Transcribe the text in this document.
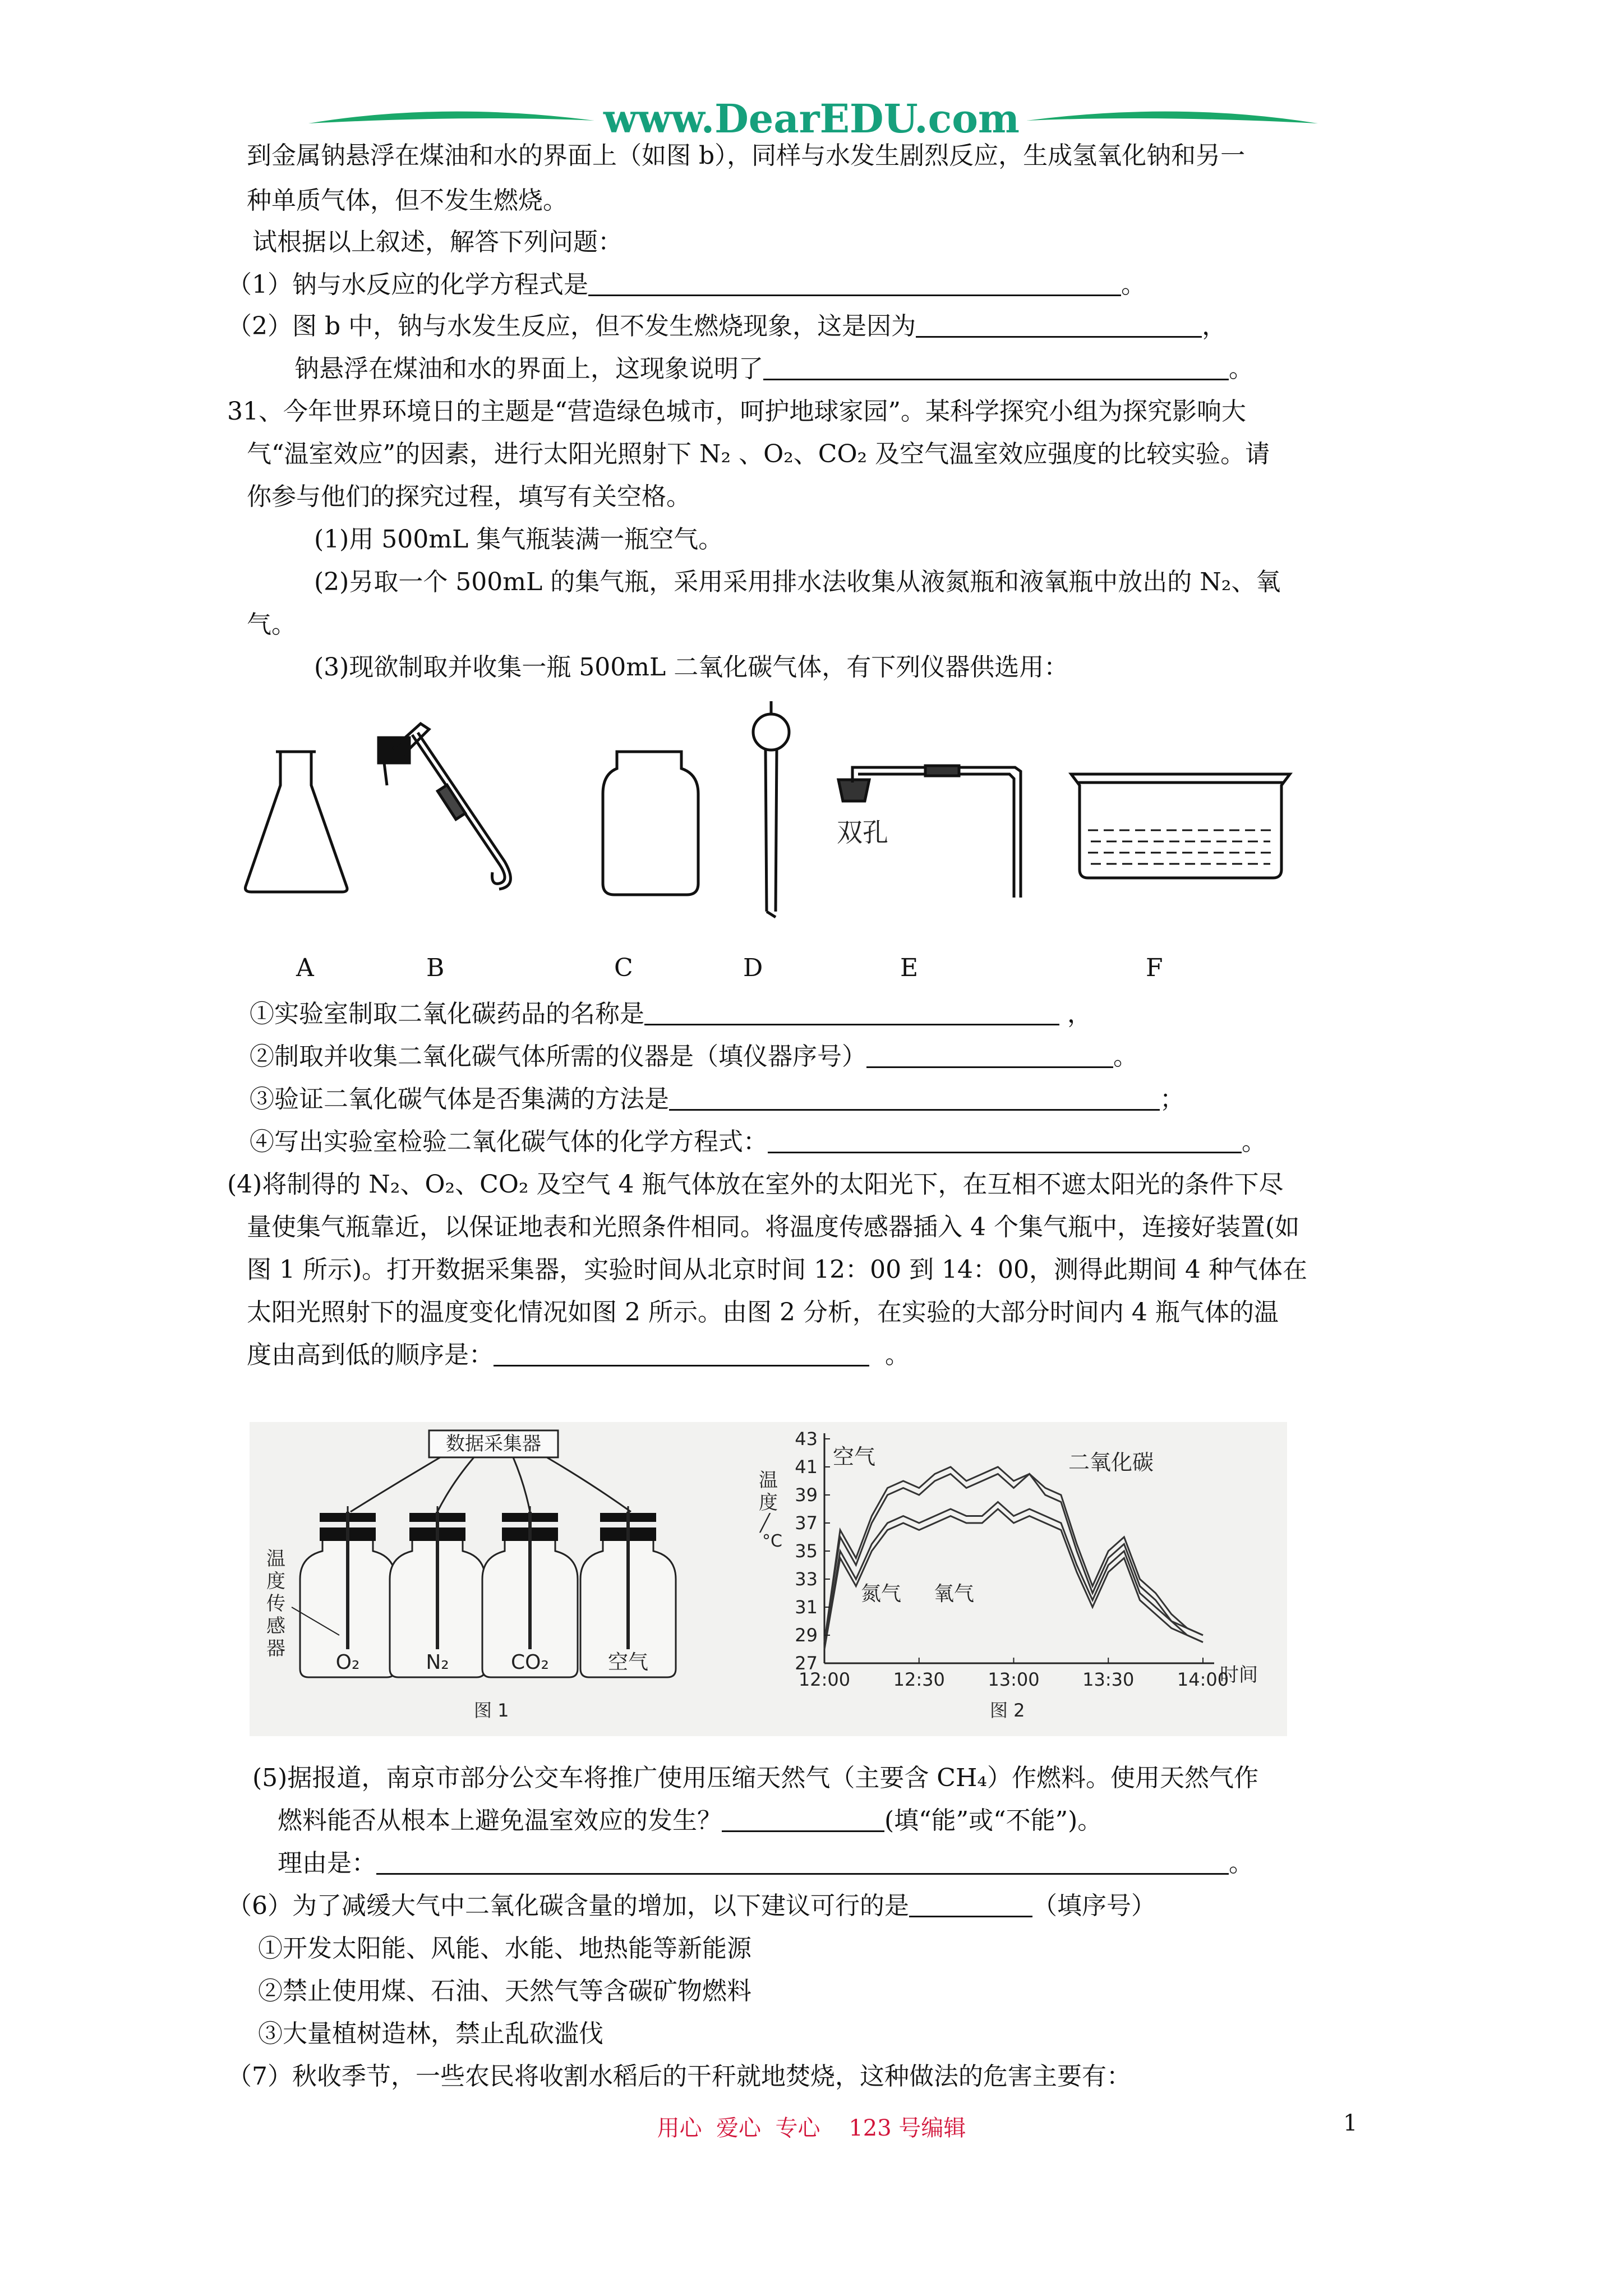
www.DearEDU.com
到金属钠悬浮在煤油和水的界面上（如图 b），同样与水发生剧烈反应，生成氢氧化钠和另一
种单质气体，但不发生燃烧。
试根据以上叙述，解答下列问题：
（1）钠与水反应的化学方程式是	。
（2）图 b 中，钠与水发生反应，但不发生燃烧现象，这是因为	，
钠悬浮在煤油和水的界面上，这现象说明了	。
31、今年世界环境日的主题是“营造绿色城市，呵护地球家园”。某科学探究小组为探究影响大
气“温室效应”的因素，进行太阳光照射下 N₂ 、O₂、CO₂ 及空气温室效应强度的比较实验。请
你参与他们的探究过程，填写有关空格。
(1)用 500mL 集气瓶装满一瓶空气。
(2)另取一个 500mL 的集气瓶，采用采用排水法收集从液氮瓶和液氧瓶中放出的 N₂、氧
气。
(3)现欲制取并收集一瓶 500mL 二氧化碳气体，有下列仪器供选用：
双孔
A	B	C	D	E	F
①实验室制取二氧化碳药品的名称是	，
②制取并收集二氧化碳气体所需的仪器是（填仪器序号）	。
③验证二氧化碳气体是否集满的方法是	；
④写出实验室检验二氧化碳气体的化学方程式：	。
(4)将制得的 N₂、O₂、CO₂ 及空气 4 瓶气体放在室外的太阳光下，在互相不遮太阳光的条件下尽
量使集气瓶靠近，以保证地表和光照条件相同。将温度传感器插入 4 个集气瓶中，连接好装置(如
图 1 所示)。打开数据采集器，实验时间从北京时间 12：00 到 14：00，测得此期间 4 种气体在
太阳光照射下的温度变化情况如图 2 所示。由图 2 分析，在实验的大部分时间内 4 瓶气体的温
度由高到低的顺序是：	。
数据采集器
O₂	N₂	CO₂	空气
温
度
传
感
器
图 1
27
29
31
33
35
37
39
41
43
12:00 12:30 13:00 13:30 14:00
温
度
╱
°C
时间
空气	二氧化碳
氮气 氧气
图 2
(5)据报道，南京市部分公交车将推广使用压缩天然气（主要含 CH₄）作燃料。使用天然气作
燃料能否从根本上避免温室效应的发生？	(填“能”或“不能”)。
理由是：	。
（6）为了减缓大气中二氧化碳含量的增加，以下建议可行的是	（填序号）
①开发太阳能、风能、水能、地热能等新能源
②禁止使用煤、石油、天然气等含碳矿物燃料
③大量植树造林，禁止乱砍滥伐
（7）秋收季节，一些农民将收割水稻后的干秆就地焚烧，这种做法的危害主要有：
用心  爱心  专心    123 号编辑	1
